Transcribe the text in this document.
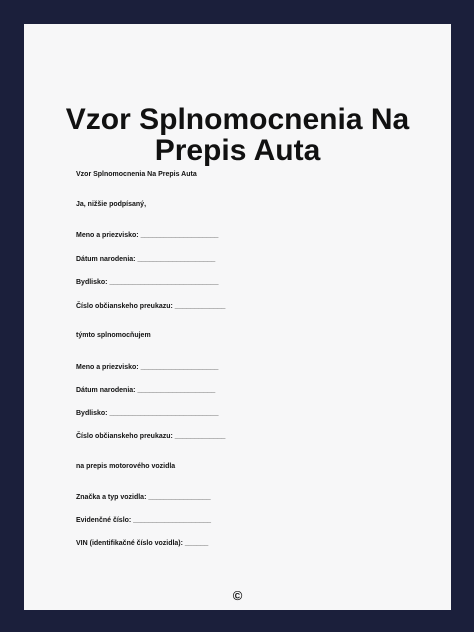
Vzor Splnomocnenia Na Prepis Auta

Vzor Splnomocnenia Na Prepis Auta

Ja, nižšie podpísaný,

Meno a priezvisko: ____________________

Dátum narodenia: ____________________

Bydlisko: ____________________________

Číslo občianskeho preukazu: _____________

týmto splnomocňujem

Meno a priezvisko: ____________________

Dátum narodenia: ____________________

Bydlisko: ____________________________

Číslo občianskeho preukazu: _____________

na prepis motorového vozidla

Značka a typ vozidla: ________________

Evidenčné číslo: ____________________

VIN (identifikačné číslo vozidla): ______

©
